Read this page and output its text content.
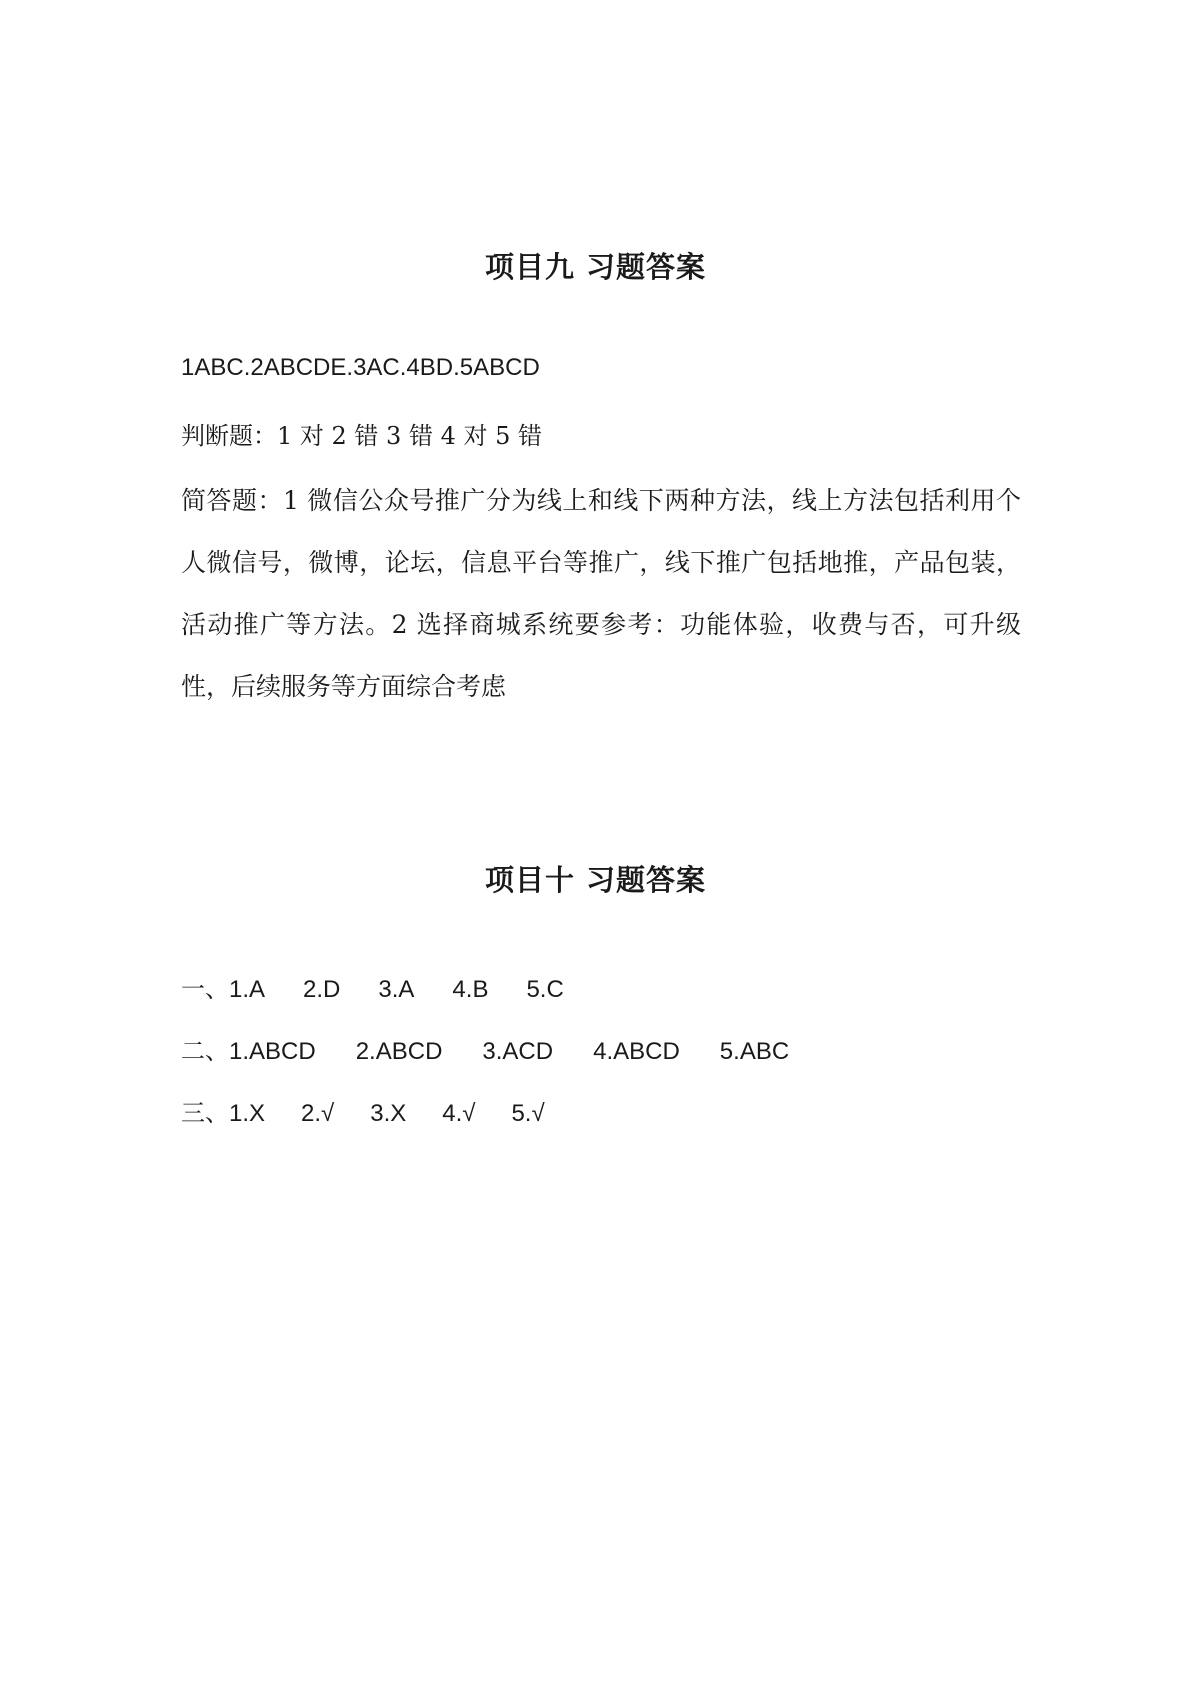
项目九 习题答案

1ABC.2ABCDE.3AC.4BD.5ABCD

判断题：1 对 2 错 3 错 4 对 5 错

简答题：1 微信公众号推广分为线上和线下两种方法，线上方法包括利用个人微信号，微博，论坛，信息平台等推广，线下推广包括地推，产品包装，活动推广等方法。2 选择商城系统要参考：功能体验，收费与否，可升级性，后续服务等方面综合考虑

项目十 习题答案

一、1.A 2.D 3.A 4.B 5.C

二、1.ABCD 2.ABCD 3.ACD 4.ABCD 5.ABC

三、1.X 2.√ 3.X 4.√ 5.√
